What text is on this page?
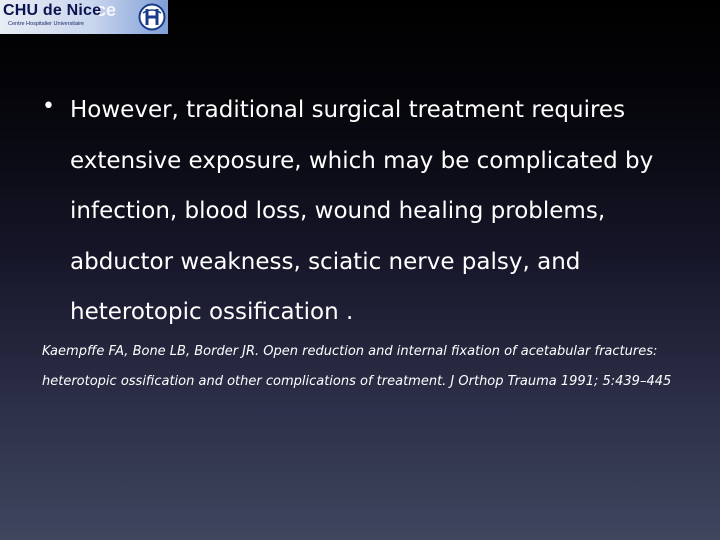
ce
CHU de Nice
Centre Hospitalier Universitaire
• However, traditional surgical treatment requires extensive exposure, which may be complicated by infection, blood loss, wound healing problems, abductor weakness, sciatic nerve palsy, and heterotopic ossification .

Kaempffe FA, Bone LB, Border JR. Open reduction and internal fixation of acetabular fractures: heterotopic ossification and other complications of treatment. J Orthop Trauma 1991; 5:439–445
